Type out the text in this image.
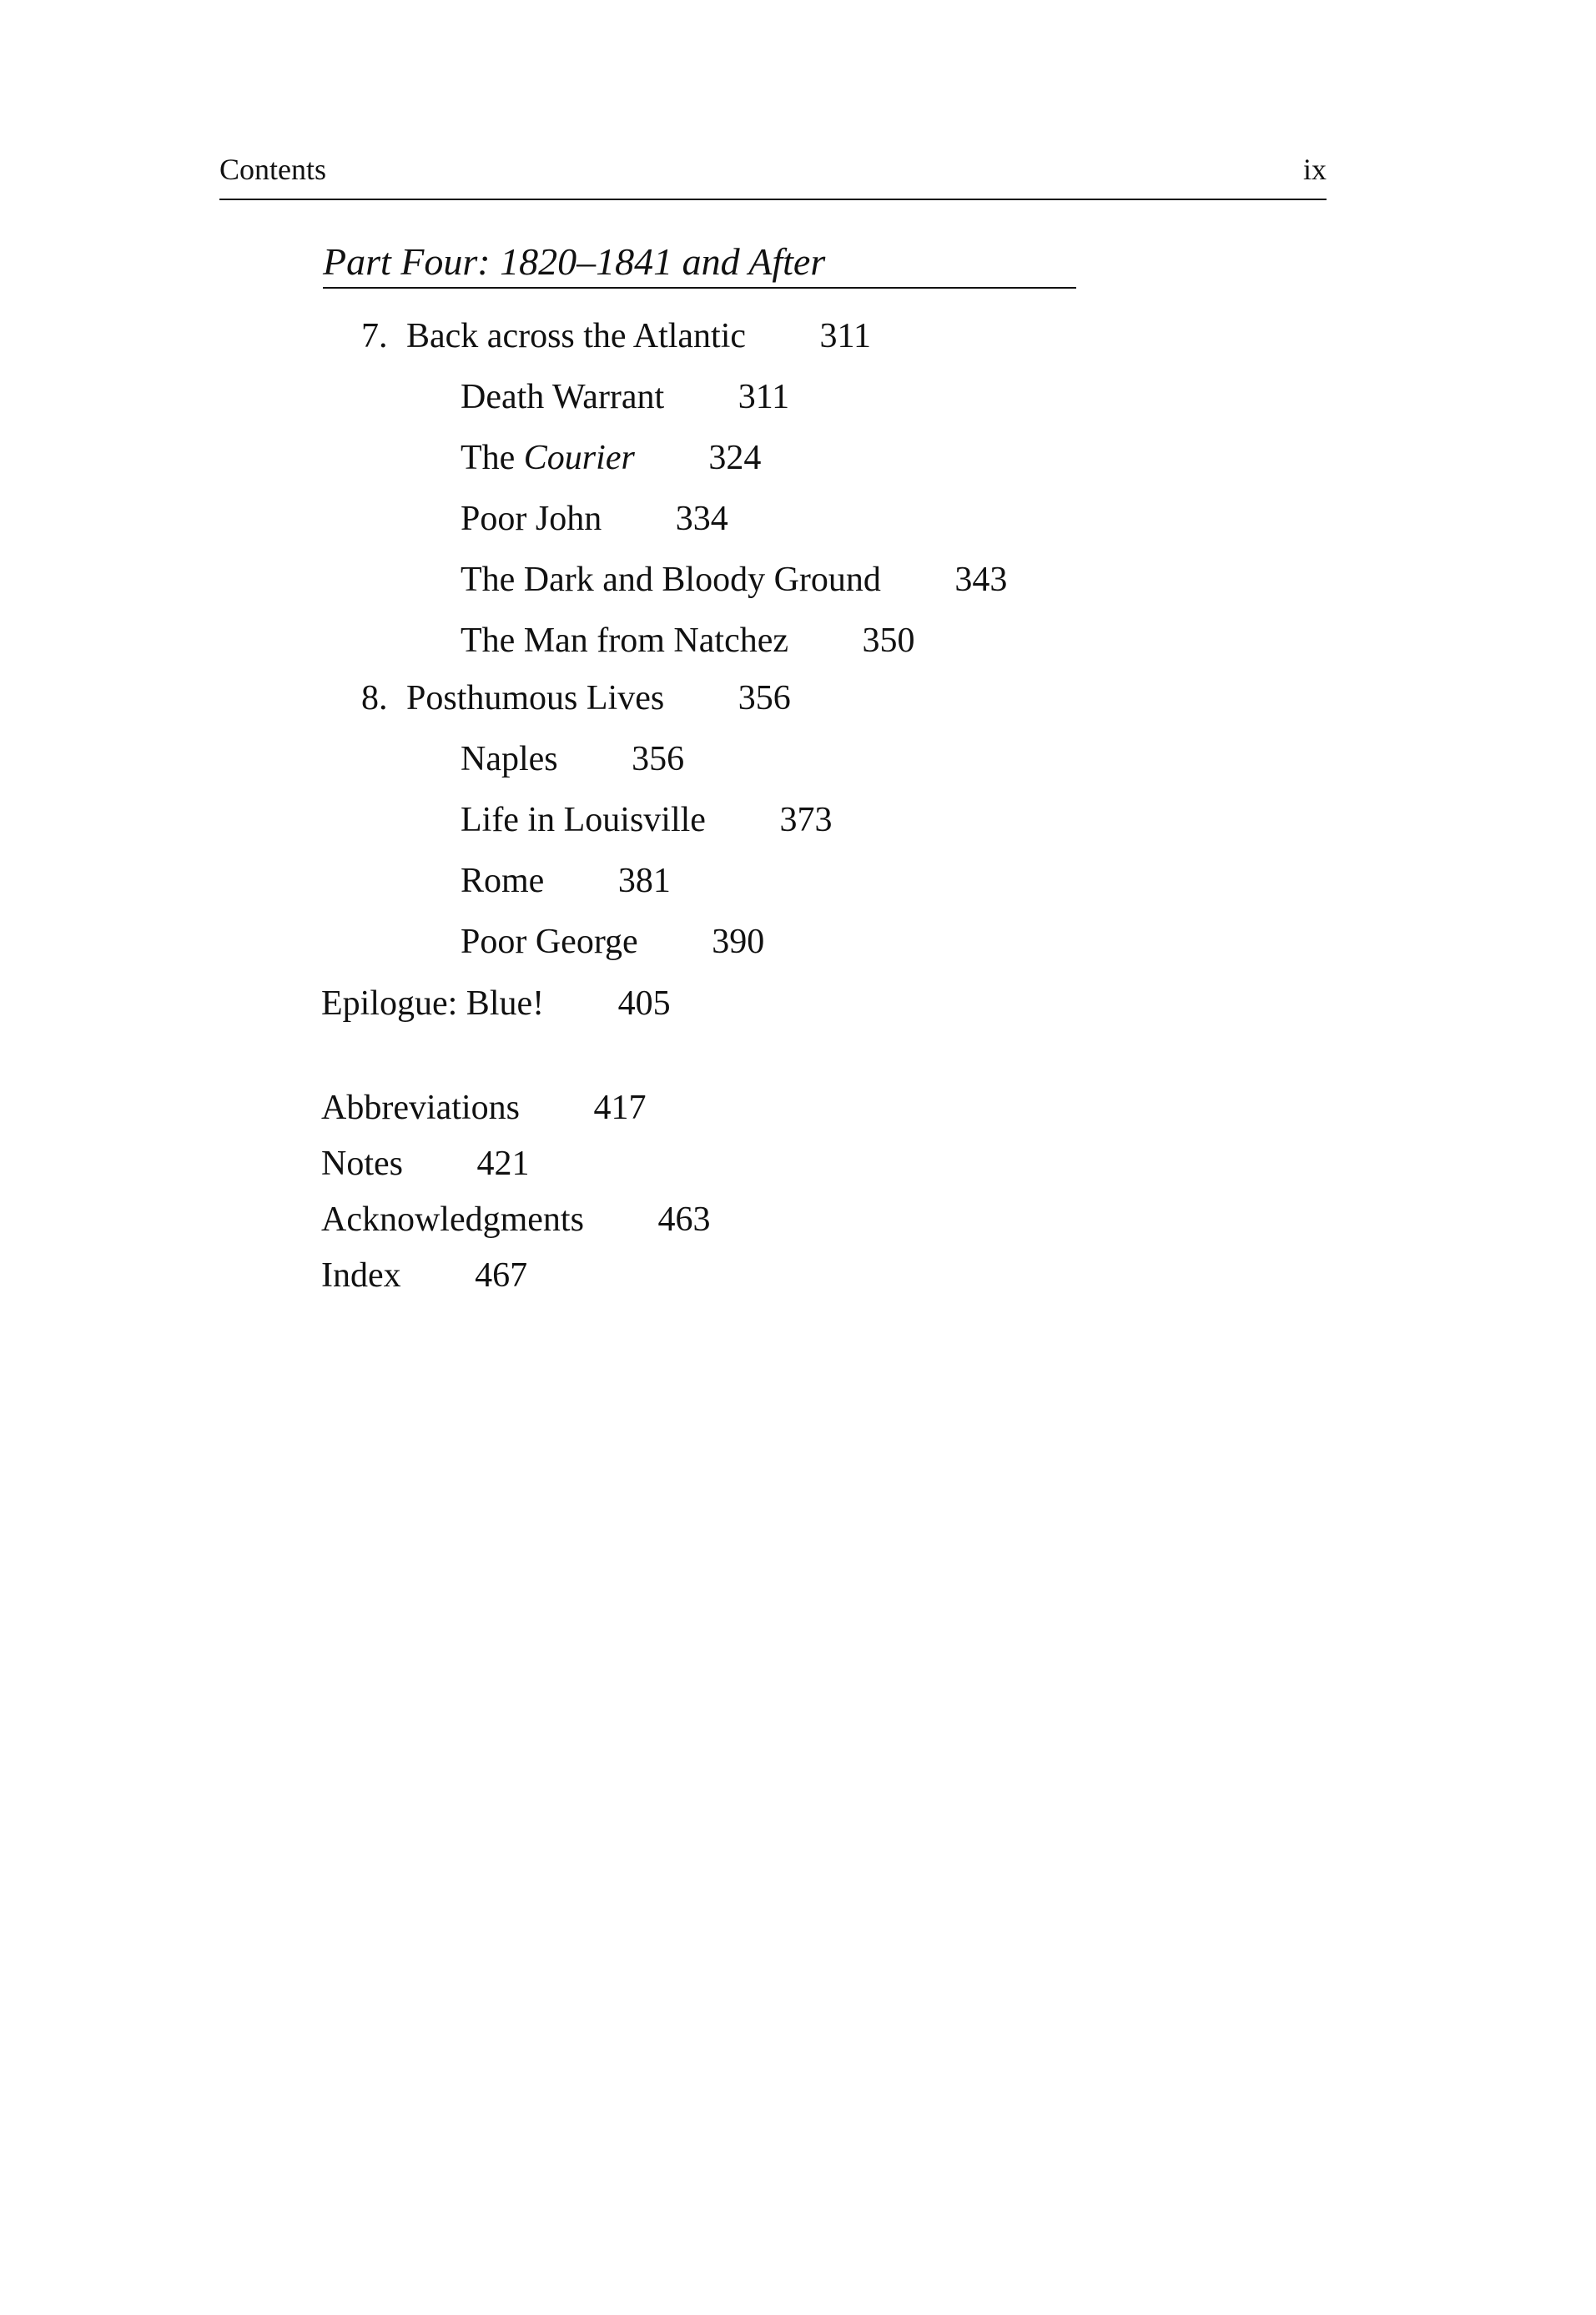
Contents	ix
Part Four: 1820–1841 and After
7. Back across the Atlantic 311
Death Warrant 311
The Courier 324
Poor John 334
The Dark and Bloody Ground 343
The Man from Natchez 350
8. Posthumous Lives 356
Naples 356
Life in Louisville 373
Rome 381
Poor George 390
Epilogue: Blue! 405
Abbreviations 417
Notes 421
Acknowledgments 463
Index 467
